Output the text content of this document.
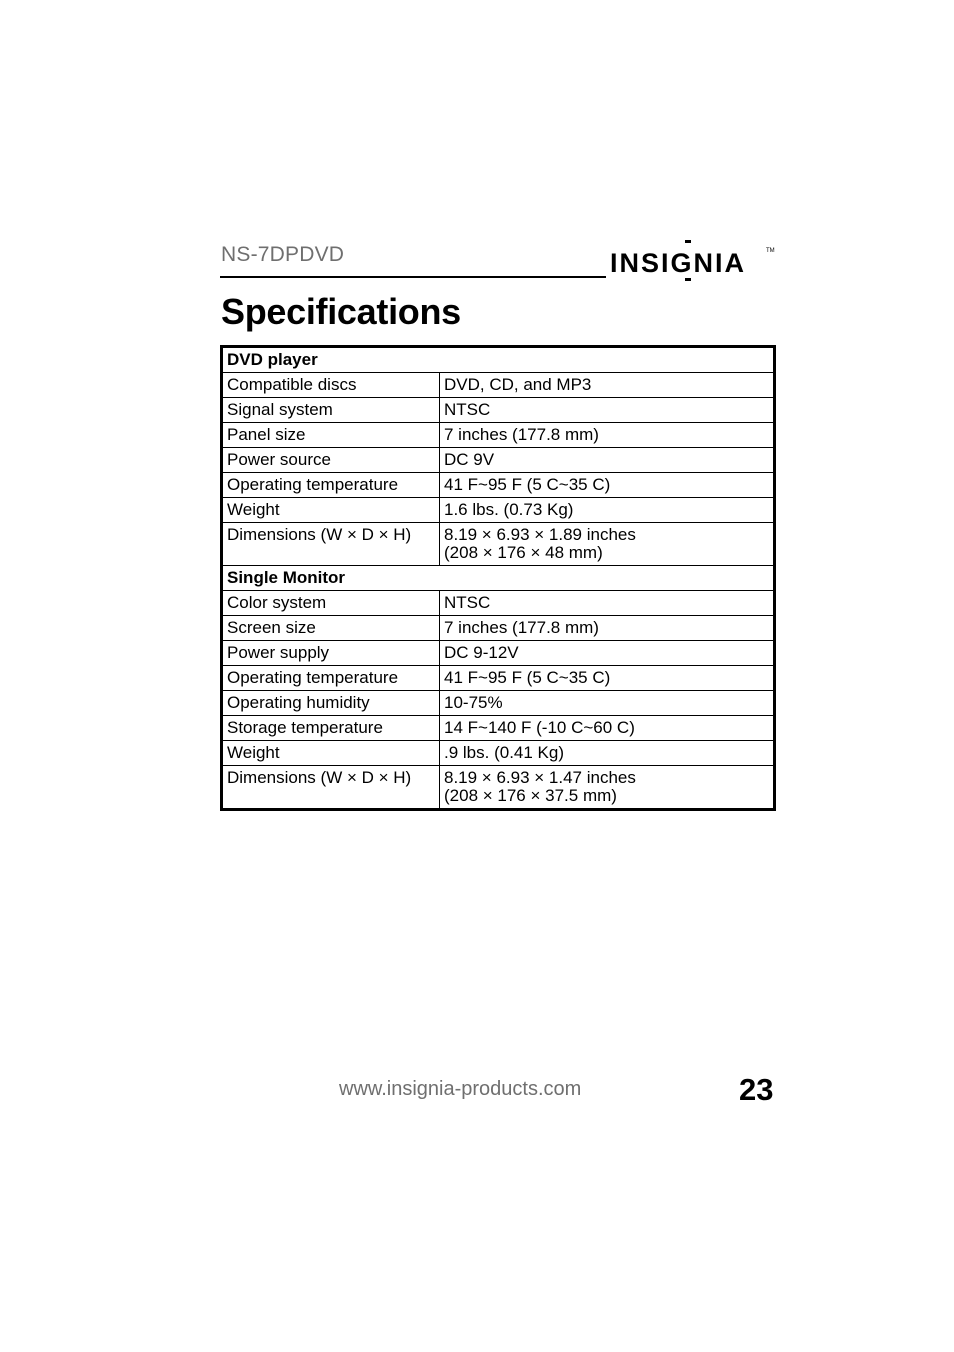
NS-7DPDVD	INSIGNIA	TM
Specifications
DVD player	
Compatible discs	DVD, CD, and MP3

Signal system	NTSC

Panel size	7 inches (177.8 mm)

Power source	DC 9V

Operating temperature	41 F~95 F (5 C~35 C)

Weight	1.6 lbs. (0.73 Kg)

Dimensions (W × D × H)	8.19 × 6.93 × 1.89 inches
(208 × 176 × 48 mm)

Single Monitor	
Color system	NTSC

Screen size	7 inches (177.8 mm)

Power supply	DC 9-12V

Operating temperature	41 F~95 F (5 C~35 C)

Operating humidity	10-75%

Storage temperature	14 F~140 F (-10 C~60 C)

Weight	.9 lbs. (0.41 Kg)

Dimensions (W × D × H)	8.19 × 6.93 × 1.47 inches
(208 × 176 × 37.5 mm)
www.insignia-products.com	23
